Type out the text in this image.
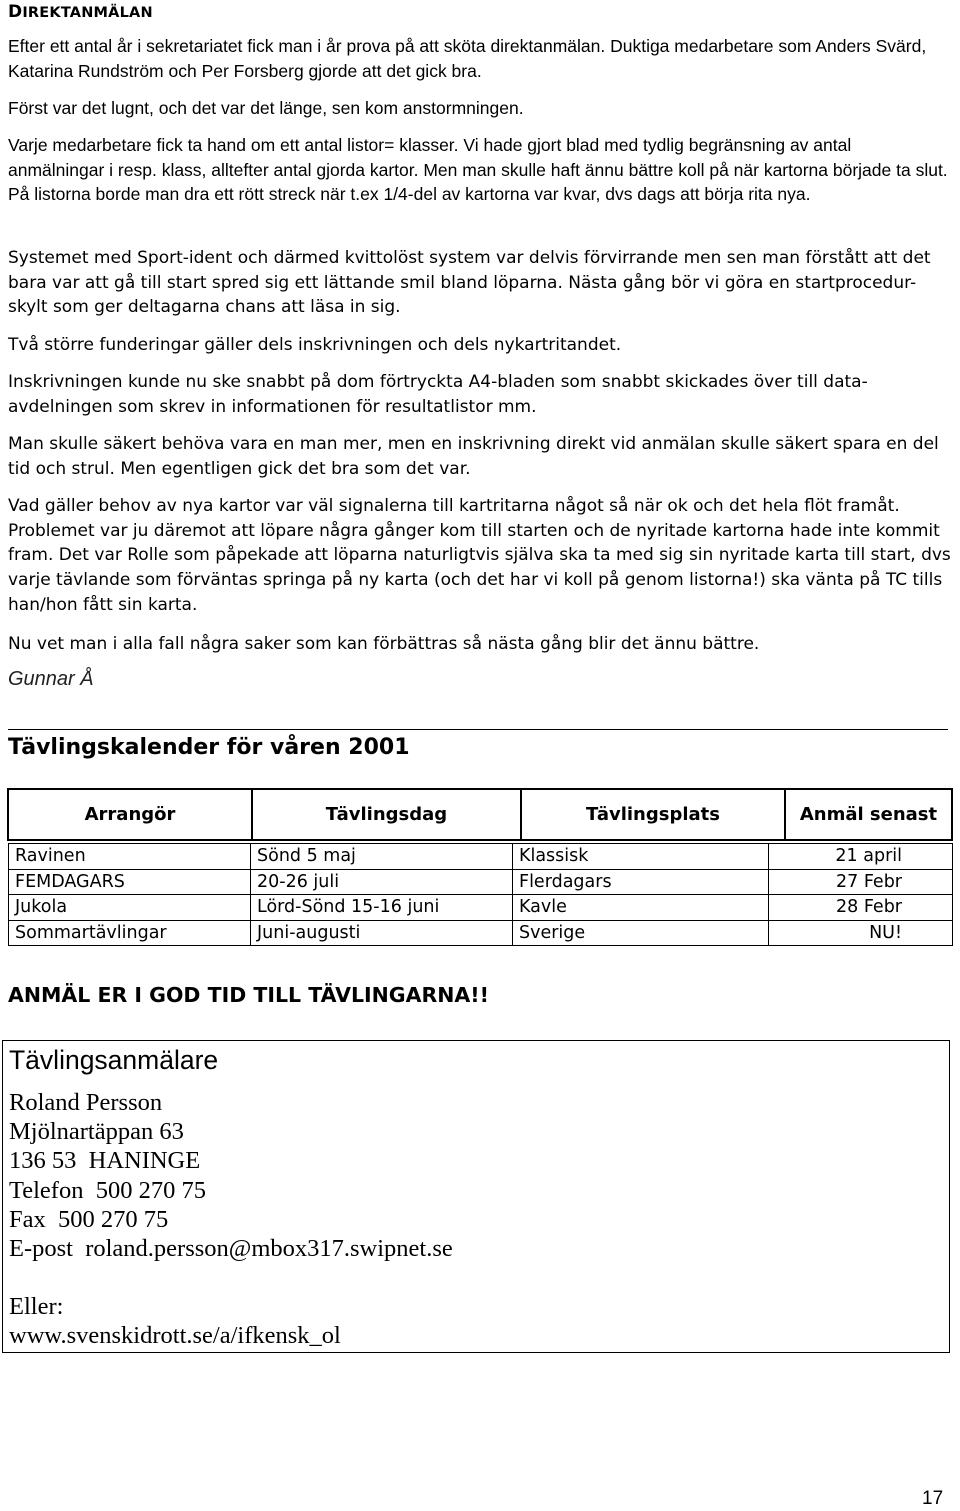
DIREKTANMÄLAN

Efter ett antal år i sekretariatet fick man i år prova på att sköta direktanmälan. Duktiga medarbetare som Anders Svärd, Katarina Rundström och Per Forsberg gjorde att det gick bra.

Först var det lugnt, och det var det länge, sen kom anstormningen.

Varje medarbetare fick ta hand om ett antal listor= klasser. Vi hade gjort blad med tydlig begränsning av antal anmälningar i resp. klass, alltefter antal gjorda kartor. Men man skulle haft ännu bättre koll på när kartorna började ta slut. På listorna borde man dra ett rött streck när t.ex 1/4-del av kartorna var kvar, dvs dags att börja rita nya.

Systemet med Sport-ident och därmed kvittolöst system var delvis förvirrande men sen man förstått att det bara var att gå till start spred sig ett lättande smil bland löparna. Nästa gång bör vi göra en startprocedur-skylt som ger deltagarna chans att läsa in sig.

Två större funderingar gäller dels inskrivningen och dels nykartritandet.

Inskrivningen kunde nu ske snabbt på dom förtryckta A4-bladen som snabbt skickades över till data-avdelningen som skrev in informationen för resultatlistor mm.

Man skulle säkert behöva vara en man mer, men en inskrivning direkt vid anmälan skulle säkert spara en del tid och strul. Men egentligen gick det bra som det var.

Vad gäller behov av nya kartor var väl signalerna till kartritarna något så när ok och det hela flöt framåt. Problemet var ju däremot att löpare några gånger kom till starten och de nyritade kartorna hade inte kommit fram. Det var Rolle som påpekade att löparna naturligtvis själva ska ta med sig sin nyritade karta till start, dvs varje tävlande som förväntas springa på ny karta (och det har vi koll på genom listorna!) ska vänta på TC tills han/hon fått sin karta.

Nu vet man i alla fall några saker som kan förbättras så nästa gång blir det ännu bättre.

Gunnar Å
Tävlingskalender för våren 2001
Arrangör	Tävlingsdag	Tävlingsplats	Anmäl senast
Ravinen	Sönd 5 maj	Klassisk	21 april
FEMDAGARS	20-26 juli	Flerdagars	27 Febr
Jukola	Lörd-Sönd 15-16 juni	Kavle	28 Febr
Sommartävlingar	Juni-augusti	Sverige	NU!
ANMÄL ER I GOD TID TILL TÄVLINGARNA!!
Tävlingsanmälare
Roland Persson
Mjölnartäppan 63
136 53  HANINGE
Telefon  500 270 75
Fax  500 270 75
E-post  roland.persson@mbox317.swipnet.se
Eller:
www.svenskidrott.se/a/ifkensk_ol
17
